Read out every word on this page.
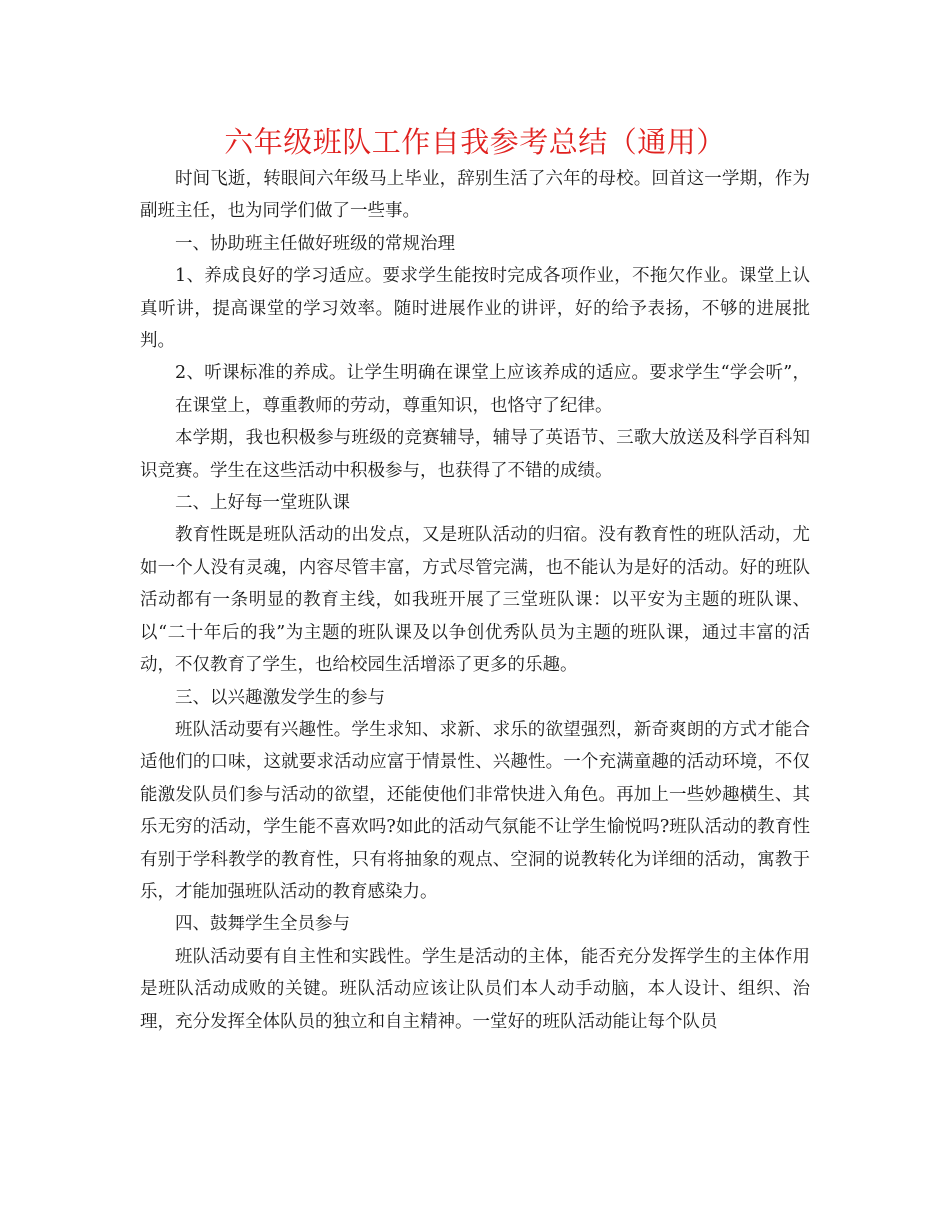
六年级班队工作自我参考总结（通用）

时间飞逝，转眼间六年级马上毕业，辞别生活了六年的母校。回首这一学期，作为副班主任，也为同学们做了一些事。

一、协助班主任做好班级的常规治理

1、养成良好的学习适应。要求学生能按时完成各项作业，不拖欠作业。课堂上认真听讲，提高课堂的学习效率。随时进展作业的讲评，好的给予表扬，不够的进展批判。

2、听课标准的养成。让学生明确在课堂上应该养成的适应。要求学生“学会听”，在课堂上，尊重教师的劳动，尊重知识，也恪守了纪律。

本学期，我也积极参与班级的竞赛辅导，辅导了英语节、三歌大放送及科学百科知识竞赛。学生在这些活动中积极参与，也获得了不错的成绩。

二、上好每一堂班队课

教育性既是班队活动的出发点，又是班队活动的归宿。没有教育性的班队活动，尤如一个人没有灵魂，内容尽管丰富，方式尽管完满，也不能认为是好的活动。好的班队活动都有一条明显的教育主线，如我班开展了三堂班队课：以平安为主题的班队课、以“二十年后的我”为主题的班队课及以争创优秀队员为主题的班队课，通过丰富的活动，不仅教育了学生，也给校园生活增添了更多的乐趣。

三、以兴趣激发学生的参与

班队活动要有兴趣性。学生求知、求新、求乐的欲望强烈，新奇爽朗的方式才能合适他们的口味，这就要求活动应富于情景性、兴趣性。一个充满童趣的活动环境，不仅能激发队员们参与活动的欲望，还能使他们非常快进入角色。再加上一些妙趣横生、其乐无穷的活动，学生能不喜欢吗?如此的活动气氛能不让学生愉悦吗?班队活动的教育性有别于学科教学的教育性，只有将抽象的观点、空洞的说教转化为详细的活动，寓教于乐，才能加强班队活动的教育感染力。

四、鼓舞学生全员参与

班队活动要有自主性和实践性。学生是活动的主体，能否充分发挥学生的主体作用是班队活动成败的关键。班队活动应该让队员们本人动手动脑，本人设计、组织、治理，充分发挥全体队员的独立和自主精神。一堂好的班队活动能让每个队员
